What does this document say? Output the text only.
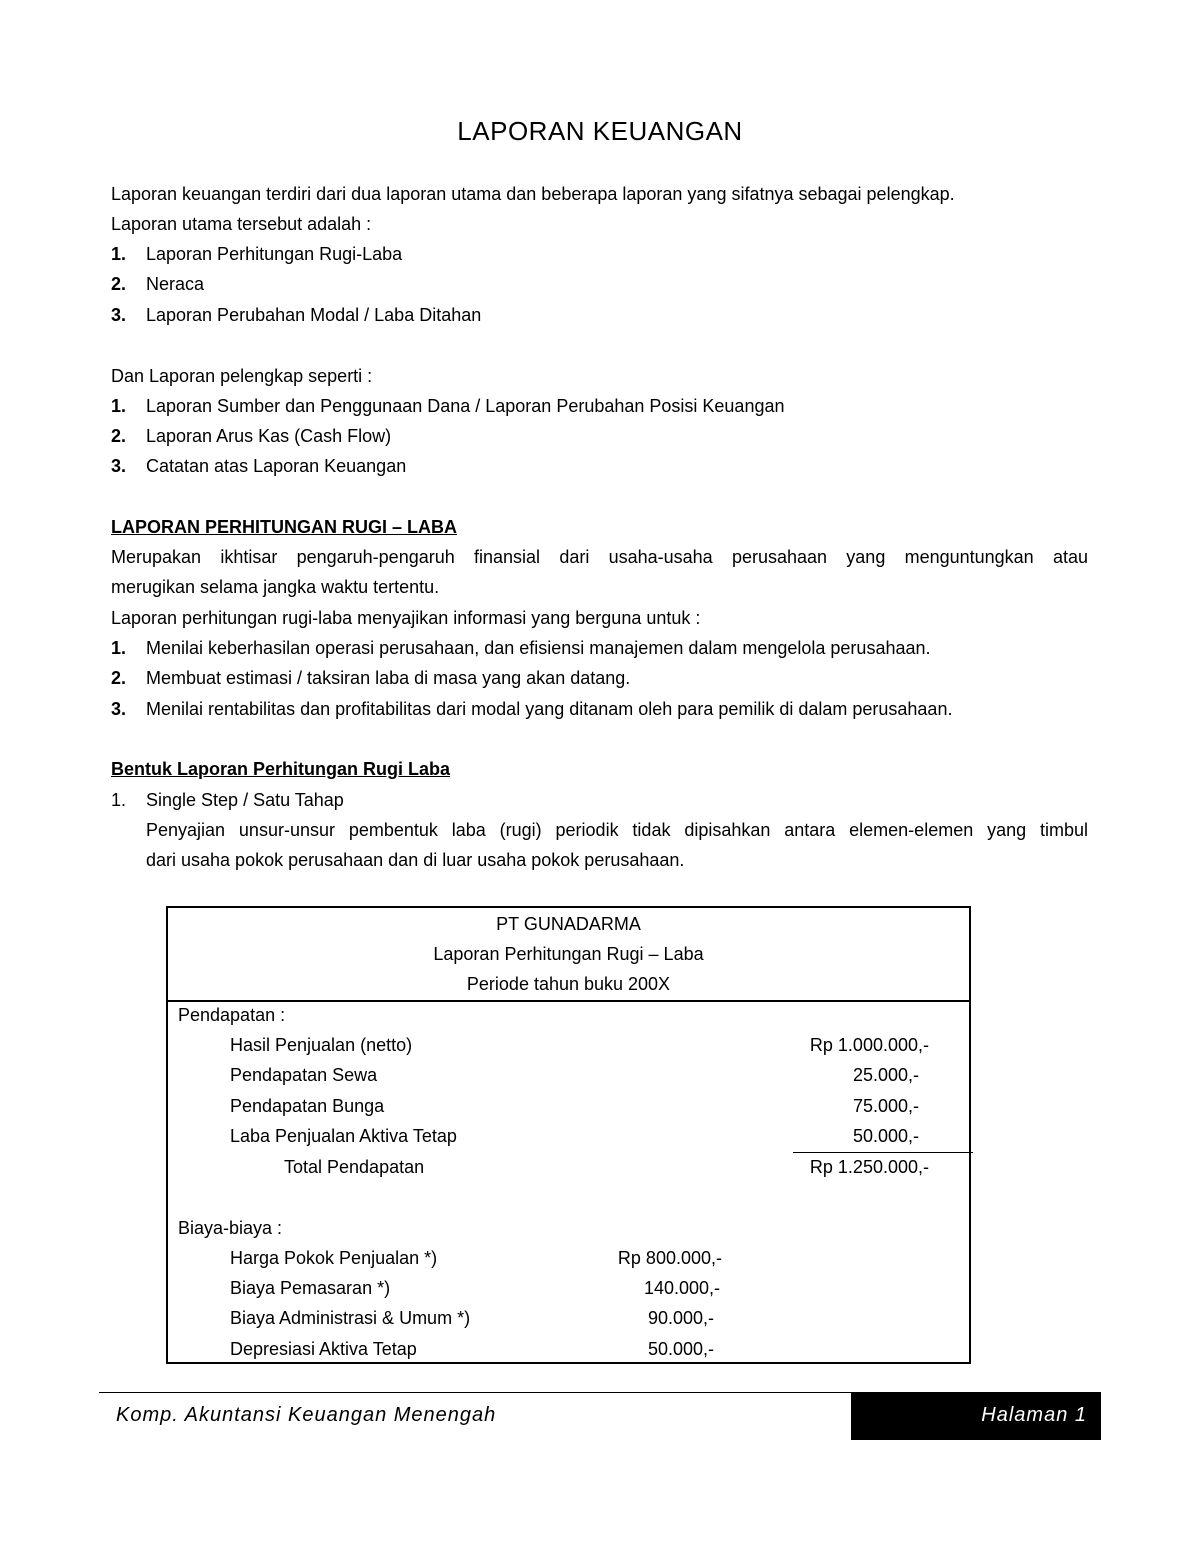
LAPORAN KEUANGAN
Laporan keuangan terdiri dari dua laporan utama dan beberapa laporan yang sifatnya sebagai pelengkap.
Laporan utama tersebut adalah :
1. Laporan Perhitungan Rugi-Laba
2. Neraca
3. Laporan Perubahan Modal / Laba Ditahan
Dan Laporan pelengkap seperti :
1. Laporan Sumber dan Penggunaan Dana / Laporan Perubahan Posisi Keuangan
2. Laporan Arus Kas (Cash Flow)
3. Catatan atas Laporan Keuangan
LAPORAN PERHITUNGAN RUGI – LABA
Merupakan ikhtisar pengaruh-pengaruh finansial dari usaha-usaha perusahaan yang menguntungkan atau
merugikan selama jangka waktu tertentu.
Laporan perhitungan rugi-laba menyajikan informasi yang berguna untuk :
1. Menilai keberhasilan operasi perusahaan, dan efisiensi manajemen dalam mengelola perusahaan.
2. Membuat estimasi / taksiran laba di masa yang akan datang.
3. Menilai rentabilitas dan profitabilitas dari modal yang ditanam oleh para pemilik di dalam perusahaan.
Bentuk Laporan Perhitungan Rugi Laba
1. Single Step / Satu Tahap
Penyajian unsur-unsur pembentuk laba (rugi) periodik tidak dipisahkan antara elemen-elemen yang timbul
dari usaha pokok perusahaan dan di luar usaha pokok perusahaan.
PT GUNADARMA
Laporan Perhitungan Rugi – Laba
Periode tahun buku 200X
Pendapatan :
Hasil Penjualan (netto)	Rp 1.000.000,-
Pendapatan Sewa	25.000,-
Pendapatan Bunga	75.000,-
Laba Penjualan Aktiva Tetap	50.000,-
Total Pendapatan	Rp 1.250.000,-
Biaya-biaya :
Harga Pokok Penjualan *)	Rp 800.000,-
Biaya Pemasaran *)	140.000,-
Biaya Administrasi & Umum *)	90.000,-
Depresiasi Aktiva Tetap	50.000,-
Komp. Akuntansi Keuangan Menengah	Halaman 1
